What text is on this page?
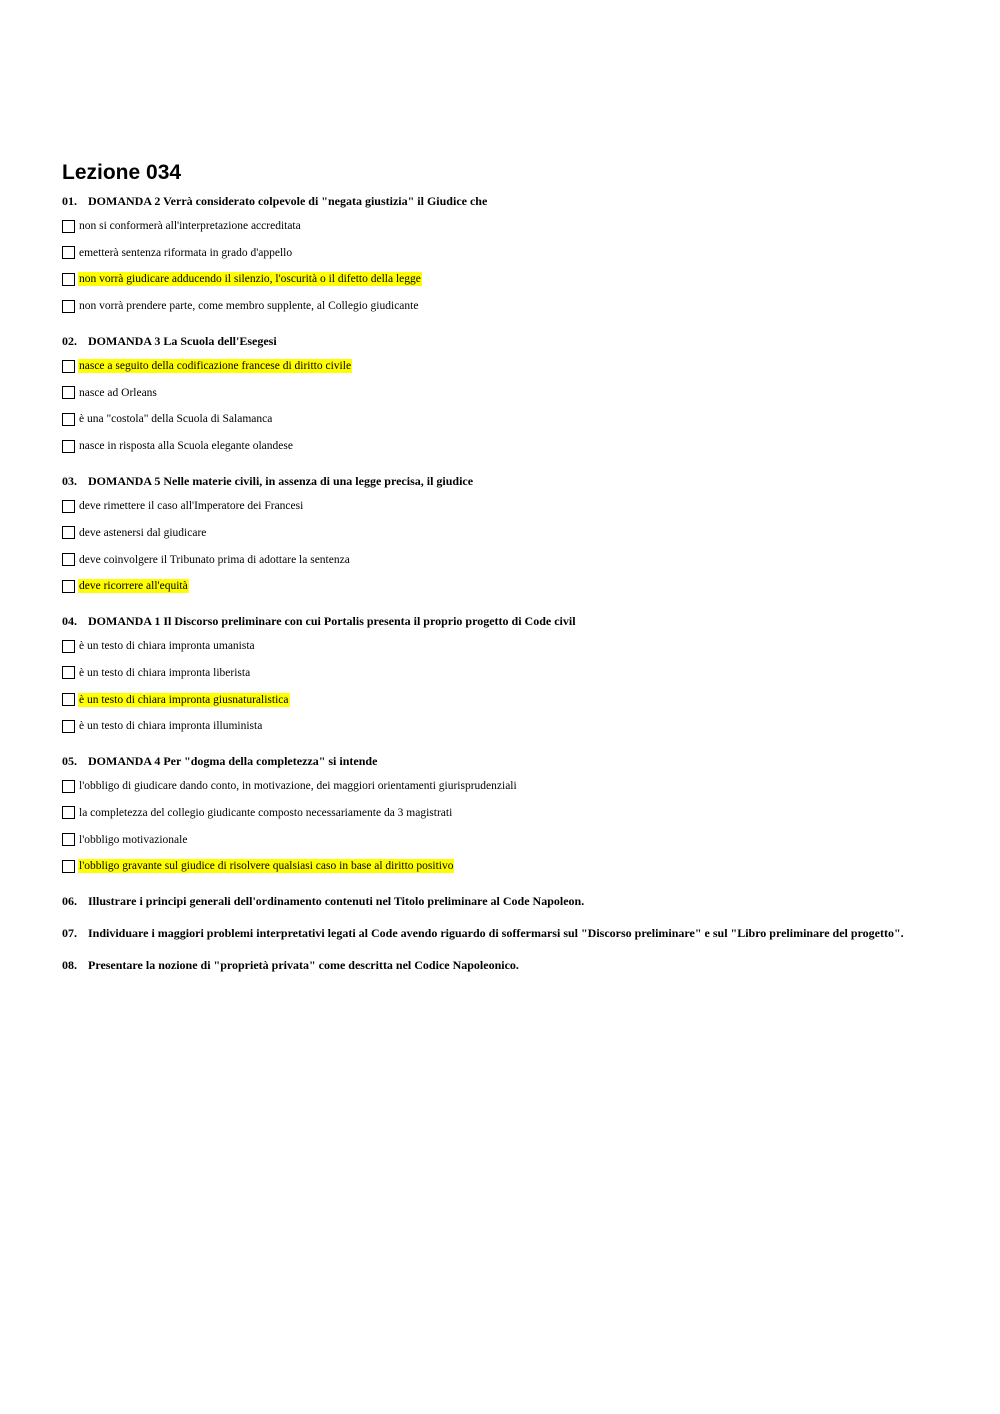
Lezione 034
01. DOMANDA 2 Verrà considerato colpevole di "negata giustizia" il Giudice che
non si conformerà all'interpretazione accreditata
emetterà sentenza riformata in grado d'appello
non vorrà giudicare adducendo il silenzio, l'oscurità o il difetto della legge
non vorrà prendere parte, come membro supplente, al Collegio giudicante
02. DOMANDA 3 La Scuola dell'Esegesi
nasce a seguito della codificazione francese di diritto civile
nasce ad Orleans
è una "costola" della Scuola di Salamanca
nasce in risposta alla Scuola elegante olandese
03. DOMANDA 5 Nelle materie civili, in assenza di una legge precisa, il giudice
deve rimettere il caso all'Imperatore dei Francesi
deve astenersi dal giudicare
deve coinvolgere il Tribunato prima di adottare la sentenza
deve ricorrere all'equità
04. DOMANDA 1 Il Discorso preliminare con cui Portalis presenta il proprio progetto di Code civil
è un testo di chiara impronta umanista
è un testo di chiara impronta liberista
è un testo di chiara impronta giusnaturalistica
è un testo di chiara impronta illuminista
05. DOMANDA 4 Per "dogma della completezza" si intende
l'obbligo di giudicare dando conto, in motivazione, dei maggiori orientamenti giurisprudenziali
la completezza del collegio giudicante composto necessariamente da 3 magistrati
l'obbligo motivazionale
l'obbligo gravante sul giudice di risolvere qualsiasi caso in base al diritto positivo
06. Illustrare i principi generali dell'ordinamento contenuti nel Titolo preliminare al Code Napoleon.
07. Individuare i maggiori problemi interpretativi legati al Code avendo riguardo di soffermarsi sul "Discorso preliminare" e sul "Libro preliminare del progetto".
08. Presentare la nozione di "proprietà privata" come descritta nel Codice Napoleonico.
